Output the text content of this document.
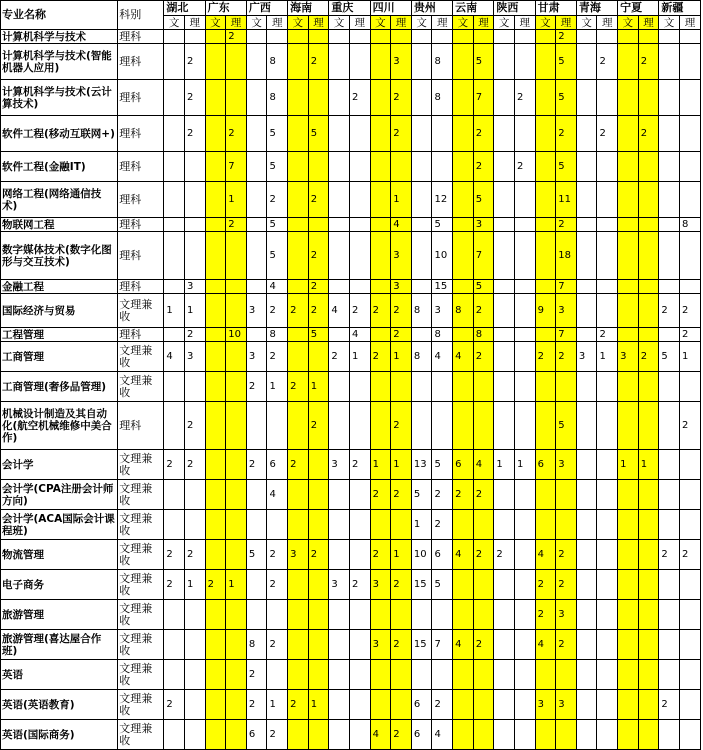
专业名称	科别	湖北		广东		广西		海南		重庆		四川		贵州		云南		陕西		甘肃		青海		宁夏		新疆	
		文	理	文	理	文	理	文	理	文	理	文	理	文	理	文	理	文	理	文	理	文	理	文	理	文	理
计算机科学与技术	理科				2																2						
计算机科学与技术(智能机器人应用)	理科		2				8		2				3		8		5				5		2		2		
计算机科学与技术(云计算技术)	理科		2				8				2		2		8		7		2		5						
软件工程(移动互联网+)	理科		2		2		5		5				2				2				2		2		2		
软件工程(金融IT)	理科				7		5										2		2		5						
网络工程(网络通信技术)	理科				1		2		2				1		12		5				11						
物联网工程	理科				2		5						4		5		3				2						8
数字媒体技术(数字化图形与交互技术)	理科						5		2				3		10		7				18						
金融工程	理科		3				4		2				3		15		5				7						
国际经济与贸易	文理兼收	1	1			3	2	2	2	4	2	2	2	8	3	8	2			9	3					2	2
工程管理	理科		2		10		8		5		4		2		8		8				7		2				2
工商管理	文理兼收	4	3			3	2			2	1	2	1	8	4	4	2			2	2	3	1	3	2	5	1
工商管理(奢侈品管理)	文理兼收					2	1	2	1																		
机械设计制造及其自动化(航空机械维修中美合作)	理科		2						2				2								5						2
会计学	文理兼收	2	2			2	6	2		3	2	1	1	13	5	6	4	1	1	6	3			1	1		
会计学(CPA注册会计师方向)	文理兼收						4					2	2	5	2	2	2										
会计学(ACA国际会计课程班)	文理兼收													1	2												
物流管理	文理兼收	2	2			5	2	3	2			2	1	10	6	4	2	2		4	2					2	2
电子商务	文理兼收	2	1	2	1		2			3	2	3	2	15	5					2	2						
旅游管理	文理兼收																			2	3						
旅游管理(喜达屋合作班)	文理兼收					8	2					3	2	15	7	4	2			4	2						
英语	文理兼收					2																					
英语(英语教育)	文理兼收	2				2	1	2	1					6	2					3	3					2	
英语(国际商务)	文理兼收					6	2					4	2	6	4												
